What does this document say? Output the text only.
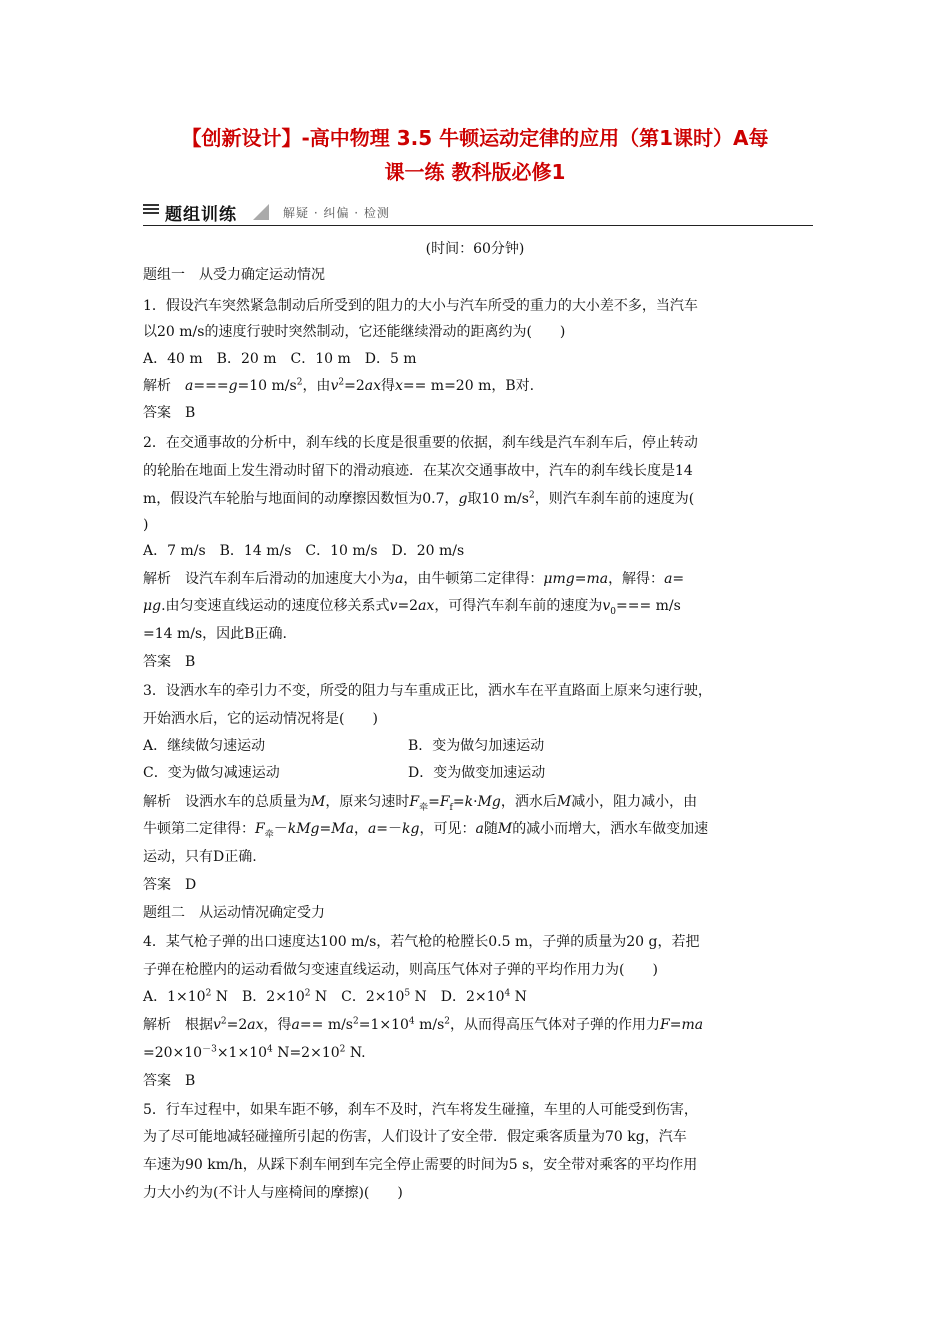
【创新设计】-高中物理 3.5 牛顿运动定律的应用（第1课时）A每
课一练 教科版必修1
题组训练	解疑 · 纠偏 · 检测
(时间：60分钟)
题组一　从受力确定运动情况
1．假设汽车突然紧急制动后所受到的阻力的大小与汽车所受的重力的大小差不多，当汽车
以20 m/s的速度行驶时突然制动，它还能继续滑动的距离约为(　　)
A．40 m　B．20 m　C．10 m　D．5 m
解析　a===g=10 $m/s^2$，由$v^2=2ax$得x== m=20 m，B对.
答案　B
2．在交通事故的分析中，刹车线的长度是很重要的依据，刹车线是汽车刹车后，停止转动
的轮胎在地面上发生滑动时留下的滑动痕迹．在某次交通事故中，汽车的刹车线长度是14
m，假设汽车轮胎与地面间的动摩擦因数恒为0.7，g取10 $m/s^2$，则汽车刹车前的速度为(
)
A．7 m/s　B．14 m/s　C．10 m/s　D．20 m/s
解析　设汽车刹车后滑动的加速度大小为a，由牛顿第二定律得：μmg=ma，解得：a=
μg.由匀变速直线运动的速度位移关系式v=2ax，可得汽车刹车前的速度为$v_0=== m/s$
=14 m/s，因此B正确.
答案　B
3．设洒水车的牵引力不变，所受的阻力与车重成正比，洒水车在平直路面上原来匀速行驶，
开始洒水后，它的运动情况将是(　　)
A．继续做匀速运动	B．变为做匀加速运动
C．变为做匀减速运动	D．变为做变加速运动
解析　设洒水车的总质量为M，原来匀速时$F_牵=F_f=k\cdot Mg$，洒水后M减小，阻力减小，由
牛顿第二定律得：$F_牵-kMg=Ma$，a=－kg，可见：a随M的减小而增大，洒水车做变加速
运动，只有D正确.
答案　D
题组二　从运动情况确定受力
4．某气枪子弹的出口速度达100 m/s，若气枪的枪膛长0.5 m，子弹的质量为20 g，若把
子弹在枪膛内的运动看做匀变速直线运动，则高压气体对子弹的平均作用力为(　　)
A．$1\times 10^2$ N　B．$2\times 10^2$ N　C．$2\times 10^5$ N　D．$2\times 10^4$ N
解析　根据$v^2=2ax$，得$a== m/s^2=1\times 10^4$ $m/s^2$，从而得高压气体对子弹的作用力F=ma
$=20\times 10^{-3}\times 1\times 10^4$ $N=2\times 10^2$ N.
答案　B
5．行车过程中，如果车距不够，刹车不及时，汽车将发生碰撞，车里的人可能受到伤害，
为了尽可能地减轻碰撞所引起的伤害，人们设计了安全带．假定乘客质量为70 kg，汽车
车速为90 km/h，从踩下刹车闸到车完全停止需要的时间为5 s，安全带对乘客的平均作用
力大小约为(不计人与座椅间的摩擦)(　　)
